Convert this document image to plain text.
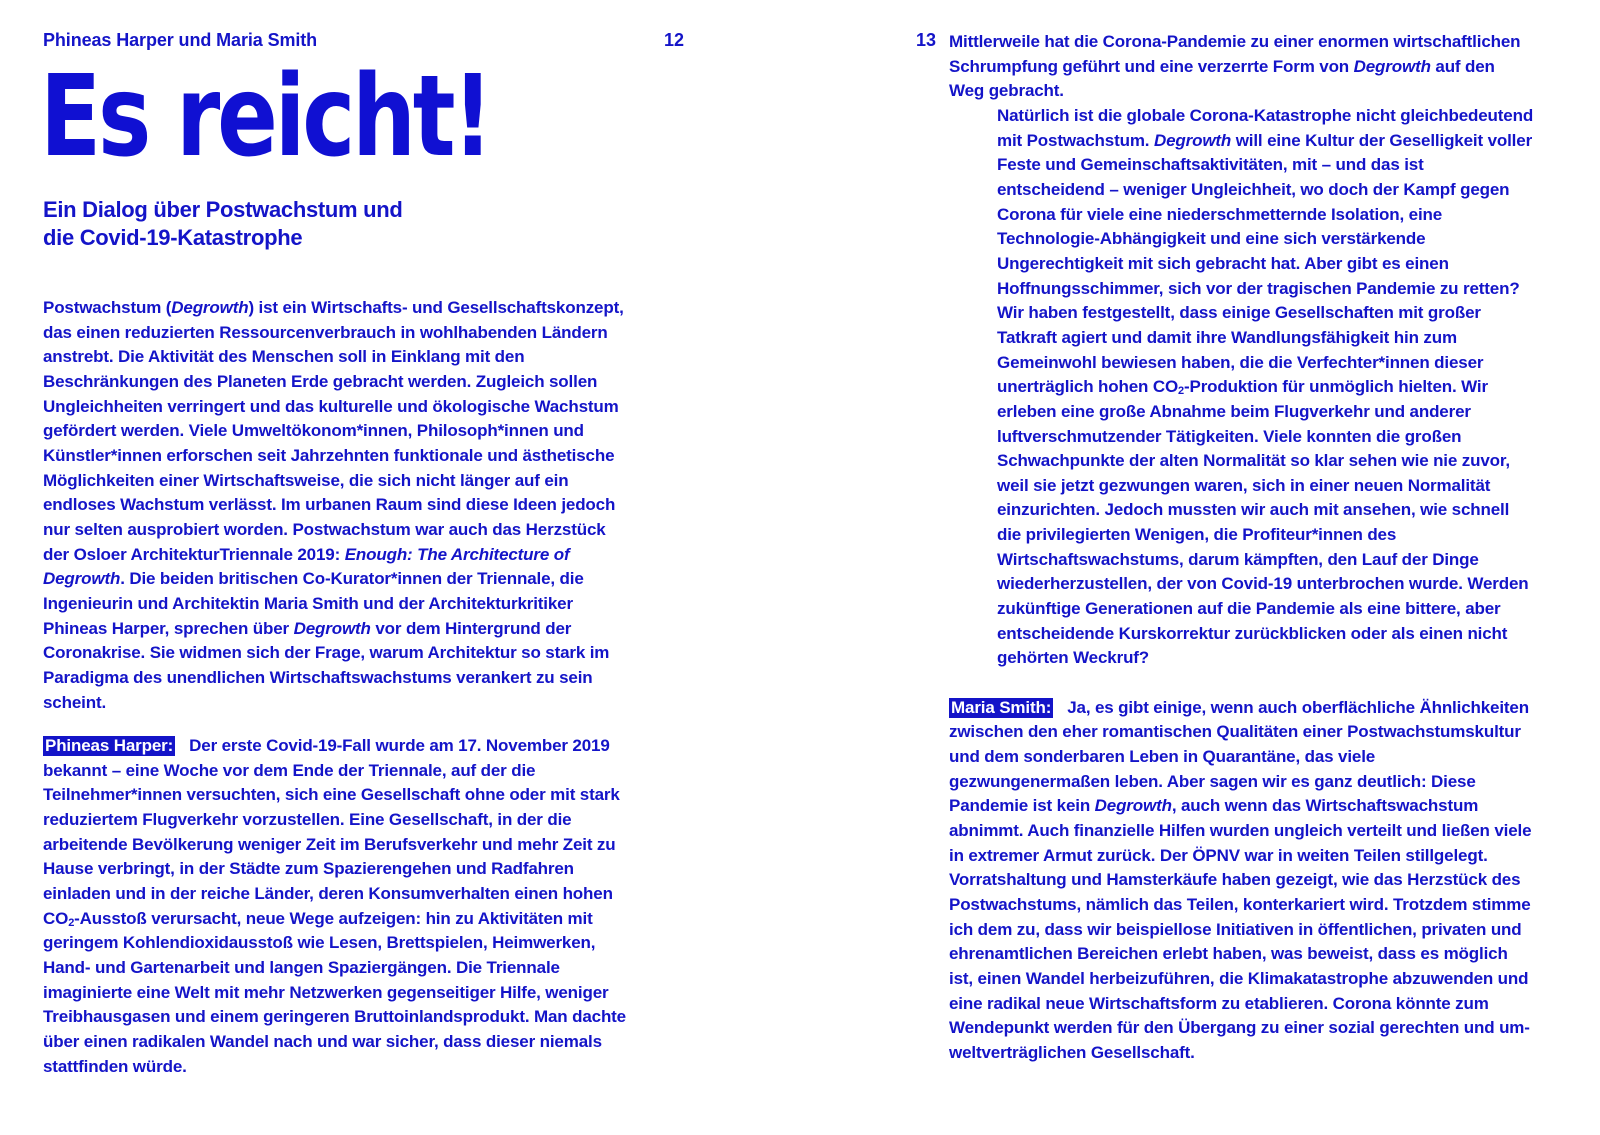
Phineas Harper und Maria Smith	12
Es reicht!
Ein Dialog über Postwachstum und
die Covid-19-Katastrophe

Postwachstum (Degrowth) ist ein Wirtschafts- und Gesellschaftskonzept, das einen reduzierten Ressourcenverbrauch in wohlhabenden Ländern anstrebt. Die Aktivität des Menschen soll in Einklang mit den Beschränkungen des Planeten Erde gebracht werden. Zugleich sollen Ungleichheiten verringert und das kulturelle und ökologische Wachstum gefördert werden. Viele Umweltökonom*innen, Philosoph*innen und Künstler*innen erforschen seit Jahrzehnten funktionale und ästhetische Möglichkeiten einer Wirtschaftsweise, die sich nicht länger auf ein endloses Wachstum verlässt. Im urbanen Raum sind diese Ideen jedoch nur selten ausprobiert worden. Postwachstum war auch das Herzstück der Osloer ArchitekturTriennale 2019: Enough: The Architecture of Degrowth. Die beiden britischen Co-Kurator*innen der Triennale, die Ingenieurin und Architektin Maria Smith und der Architekturkritiker Phineas Harper, sprechen über Degrowth vor dem Hintergrund der Coronakrise. Sie widmen sich der Frage, warum Architektur so stark im Paradigma des unendlichen Wirtschaftswachstums verankert zu sein scheint.

Phineas Harper: Der erste Covid-19-Fall wurde am 17. November 2019 bekannt – eine Woche vor dem Ende der Triennale, auf der die Teilnehmer*innen versuchten, sich eine Gesellschaft ohne oder mit stark reduziertem Flugverkehr vorzustellen. Eine Gesellschaft, in der die arbeitende Bevölkerung weniger Zeit im Berufsverkehr und mehr Zeit zu Hause verbringt, in der Städte zum Spazierengehen und Radfahren einladen und in der reiche Länder, deren Konsumverhalten einen hohen $CO_2$-Ausstoß verursacht, neue Wege aufzeigen: hin zu Aktivitäten mit geringem Kohlendioxidausstoß wie Lesen, Brettspielen, Heimwerken, Hand- und Gartenarbeit und langen Spaziergängen. Die Triennale imaginierte eine Welt mit mehr Netzwerken gegenseitiger Hilfe, weniger Treibhausgasen und einem geringeren Bruttoinlandsprodukt. Man dachte über einen radikalen Wandel nach und war sicher, dass dieser niemals stattfinden würde.

13 Mittlerweile hat die Corona-Pandemie zu einer enormen wirtschaftlichen Schrumpfung geführt und eine verzerrte Form von Degrowth auf den Weg gebracht.

Natürlich ist die globale Corona-Katastrophe nicht gleichbedeutend mit Postwachstum. Degrowth will eine Kultur der Geselligkeit voller Feste und Gemeinschaftsaktivitäten, mit – und das ist entscheidend – weniger Ungleichheit, wo doch der Kampf gegen Corona für viele eine niederschmetternde Isolation, eine Technologie-Abhängigkeit und eine sich verstärkende Ungerechtigkeit mit sich gebracht hat. Aber gibt es einen Hoffnungsschimmer, sich vor der tragischen Pandemie zu retten? Wir haben festgestellt, dass einige Gesellschaften mit großer Tatkraft agiert und damit ihre Wandlungsfähigkeit hin zum Gemeinwohl bewiesen haben, die die Verfechter*innen dieser unerträglich hohen $CO_2$-Produktion für unmöglich hielten. Wir erleben eine große Abnahme beim Flugverkehr und anderer luftverschmutzender Tätigkeiten. Viele konnten die großen Schwachpunkte der alten Normalität so klar sehen wie nie zuvor, weil sie jetzt gezwungen waren, sich in einer neuen Normalität einzurichten. Jedoch mussten wir auch mit ansehen, wie schnell die privilegierten Wenigen, die Profiteur*innen des Wirtschaftswachstums, darum kämpften, den Lauf der Dinge wiederherzustellen, der von Covid-19 unterbrochen wurde. Werden zukünftige Generationen auf die Pandemie als eine bittere, aber entscheidende Kurskorrektur zurückblicken oder als einen nicht gehörten Weckruf?

Maria Smith: Ja, es gibt einige, wenn auch oberflächliche Ähnlichkeiten zwischen den eher romantischen Qualitäten einer Postwachstumskultur und dem sonderbaren Leben in Quarantäne, das viele gezwungenermaßen leben. Aber sagen wir es ganz deutlich: Diese Pandemie ist kein Degrowth, auch wenn das Wirtschaftswachstum abnimmt. Auch finanzielle Hilfen wurden ungleich verteilt und ließen viele in extremer Armut zurück. Der ÖPNV war in weiten Teilen stillgelegt. Vorratshaltung und Hamsterkäufe haben gezeigt, wie das Herzstück des Postwachstums, nämlich das Teilen, konterkariert wird. Trotzdem stimme ich dem zu, dass wir beispiellose Initiativen in öffentlichen, privaten und ehrenamtlichen Bereichen erlebt haben, was beweist, dass es möglich ist, einen Wandel herbeizuführen, die Klimakatastrophe abzuwenden und eine radikal neue Wirtschaftsform zu etablieren. Corona könnte zum Wendepunkt werden für den Übergang zu einer sozial gerechten und umweltverträglichen Gesellschaft.
